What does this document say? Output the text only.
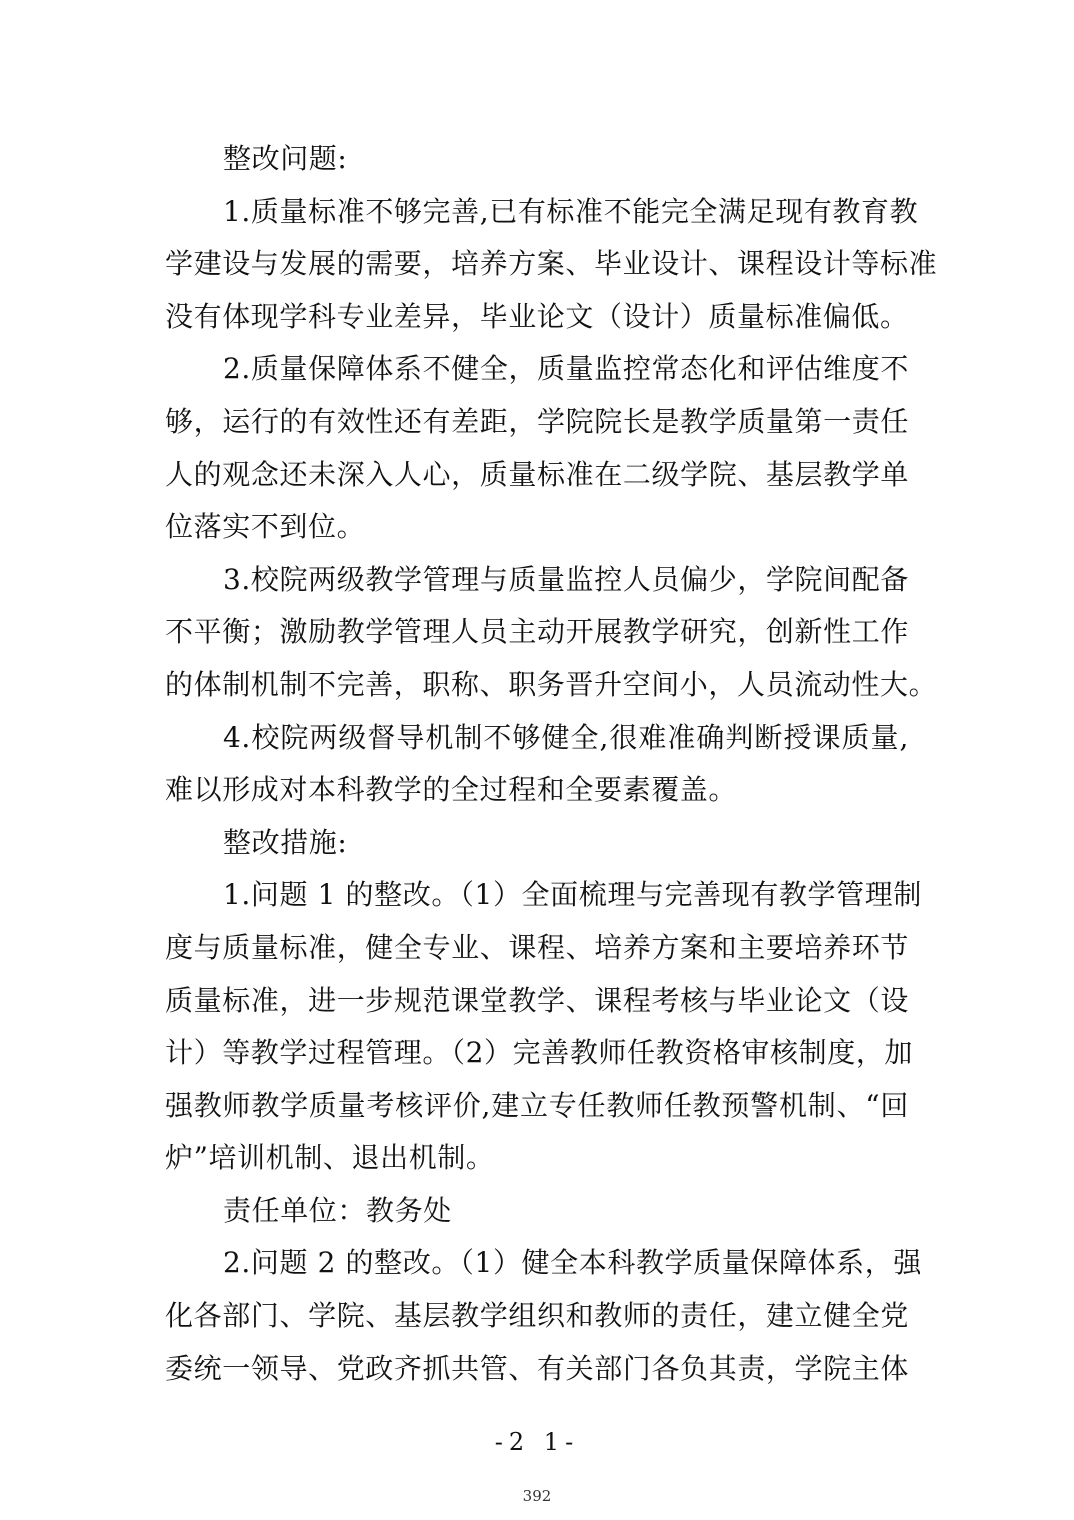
整改问题:
1.质量标准不够完善,已有标准不能完全满足现有教育教
学建设与发展的需要，培养方案、毕业设计、课程设计等标准
没有体现学科专业差异，毕业论文（设计）质量标准偏低。
2.质量保障体系不健全，质量监控常态化和评估维度不
够，运行的有效性还有差距，学院院长是教学质量第一责任
人的观念还未深入人心，质量标准在二级学院、基层教学单
位落实不到位。
3.校院两级教学管理与质量监控人员偏少，学院间配备
不平衡；激励教学管理人员主动开展教学研究，创新性工作
的体制机制不完善，职称、职务晋升空间小，人员流动性大。
4.校院两级督导机制不够健全,很难准确判断授课质量,
难以形成对本科教学的全过程和全要素覆盖。
整改措施:
1.问题 1 的整改。（1）全面梳理与完善现有教学管理制
度与质量标准，健全专业、课程、培养方案和主要培养环节
质量标准，进一步规范课堂教学、课程考核与毕业论文（设
计）等教学过程管理。（2）完善教师任教资格审核制度，加
强教师教学质量考核评价,建立专任教师任教预警机制、“回
炉”培训机制、退出机制。
责任单位：教务处
2.问题 2 的整改。（1）健全本科教学质量保障体系，强
化各部门、学院、基层教学组织和教师的责任，建立健全党
委统一领导、党政齐抓共管、有关部门各负其责，学院主体
-2 1-
392
